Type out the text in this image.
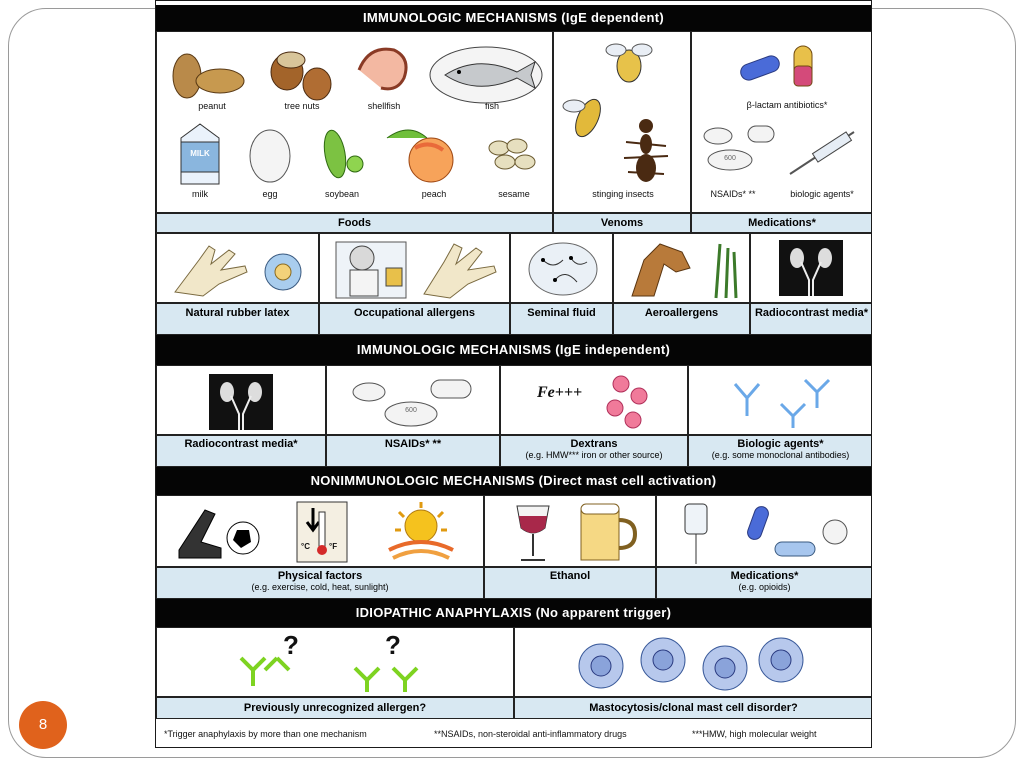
IMMUNOLOGIC MECHANISMS (IgE dependent)
peanut	tree nuts	shellfish	fish
MILK
milk	egg	soybean	peach	sesame	stinging insects
β-lactam antibiotics*
600
NSAIDs* **	biologic agents*
Foods	Venoms	Medications*
Natural rubber latex	Occupational allergens	Seminal fluid	Aeroallergens	Radiocontrast media*
IMMUNOLOGIC MECHANISMS (IgE independent)
600
Fe+++
Radiocontrast media*	NSAIDs* **	Dextrans
(e.g. HMW*** iron or other source)
Biologic agents*
(e.g. some monoclonal antibodies)
NONIMMUNOLOGIC MECHANISMS (Direct mast cell activation)
°C °F
Physical factors
(e.g. exercise, cold, heat, sunlight)
Ethanol	Medications*
(e.g. opioids)
IDIOPATHIC ANAPHYLAXIS (No apparent trigger)
?	?
Previously unrecognized allergen?	Mastocytosis/clonal mast cell disorder?
*Trigger anaphylaxis by more than one mechanism	**NSAIDs, non-steroidal anti-inflammatory drugs	***HMW, high molecular weight
8
